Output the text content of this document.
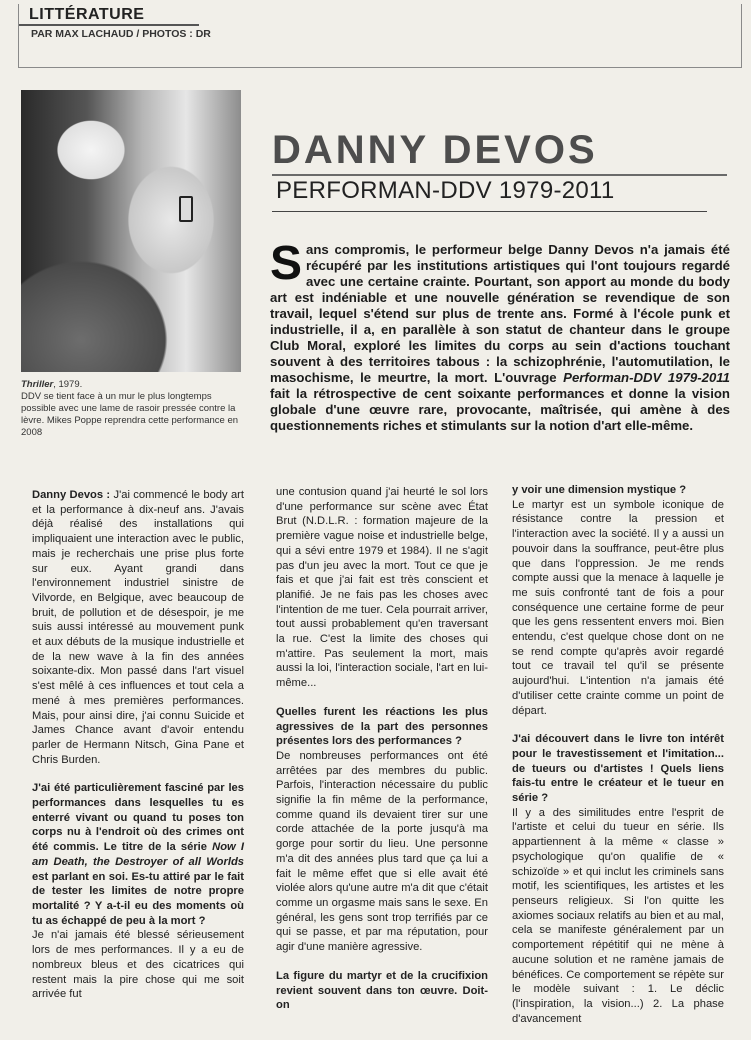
LITTÉRATURE
PAR MAX LACHAUD / PHOTOS : DR
Thriller, 1979.
DDV se tient face à un mur le plus longtemps possible avec une lame de rasoir pressée contre la lèvre. Mikes Poppe reprendra cette performance en 2008
DANNY DEVOS
PERFORMAN-DDV 1979-2011
Sans compromis, le performeur belge Danny Devos n'a jamais été récupéré par les institutions artistiques qui l'ont toujours regardé avec une certaine crainte. Pourtant, son apport au monde du body art est indéniable et une nouvelle génération se revendique de son travail, lequel s'étend sur plus de trente ans. Formé à l'école punk et industrielle, il a, en parallèle à son statut de chanteur dans le groupe Club Moral, exploré les limites du corps au sein d'actions touchant souvent à des territoires tabous : la schizophrénie, l'automutilation, le masochisme, le meurtre, la mort. L'ouvrage Performan-DDV 1979-2011 fait la rétrospective de cent soixante performances et donne la vision globale d'une œuvre rare, provocante, maîtrisée, qui amène à des questionnements riches et stimulants sur la notion d'art elle-même.

Danny Devos : J'ai commencé le body art et la performance à dix-neuf ans. J'avais déjà réalisé des installations qui impliquaient une interaction avec le public, mais je recherchais une prise plus forte sur eux. Ayant grandi dans l'environnement industriel sinistre de Vilvorde, en Belgique, avec beaucoup de bruit, de pollution et de désespoir, je me suis aussi intéressé au mouvement punk et aux débuts de la musique industrielle et de la new wave à la fin des années soixante-dix. Mon passé dans l'art visuel s'est mêlé à ces influences et tout cela a mené à mes premières performances. Mais, pour ainsi dire, j'ai connu Suicide et James Chance avant d'avoir entendu parler de Hermann Nitsch, Gina Pane et Chris Burden.

J'ai été particulièrement fasciné par les performances dans lesquelles tu es enterré vivant ou quand tu poses ton corps nu à l'endroit où des crimes ont été commis. Le titre de la série Now I am Death, the Destroyer of all Worlds est parlant en soi. Es-tu attiré par le fait de tester les limites de notre propre mortalité ? Y a-t-il eu des moments où tu as échappé de peu à la mort ?

Je n'ai jamais été blessé sérieusement lors de mes performances. Il y a eu de nombreux bleus et des cicatrices qui restent mais la pire chose qui me soit arrivée fut

une contusion quand j'ai heurté le sol lors d'une performance sur scène avec État Brut (N.D.L.R. : formation majeure de la première vague noise et industrielle belge, qui a sévi entre 1979 et 1984). Il ne s'agit pas d'un jeu avec la mort. Tout ce que je fais et que j'ai fait est très conscient et planifié. Je ne fais pas les choses avec l'intention de me tuer. Cela pourrait arriver, tout aussi probablement qu'en traversant la rue. C'est la limite des choses qui m'attire. Pas seulement la mort, mais aussi la loi, l'interaction sociale, l'art en lui-même...

Quelles furent les réactions les plus agressives de la part des personnes présentes lors des performances ?

De nombreuses performances ont été arrêtées par des membres du public. Parfois, l'interaction nécessaire du public signifie la fin même de la performance, comme quand ils devaient tirer sur une corde attachée de la porte jusqu'à ma gorge pour sortir du lieu. Une personne m'a dit des années plus tard que ça lui a fait le même effet que si elle avait été violée alors qu'une autre m'a dit que c'était comme un orgasme mais sans le sexe. En général, les gens sont trop terrifiés par ce qui se passe, et par ma réputation, pour agir d'une manière agressive.

La figure du martyr et de la crucifixion revient souvent dans ton œuvre. Doit-on

y voir une dimension mystique ?

Le martyr est un symbole iconique de résistance contre la pression et l'interaction avec la société. Il y a aussi un pouvoir dans la souffrance, peut-être plus que dans l'oppression. Je me rends compte aussi que la menace à laquelle je me suis confronté tant de fois a pour conséquence une certaine forme de peur que les gens ressentent envers moi. Bien entendu, c'est quelque chose dont on ne se rend compte qu'après avoir regardé tout ce travail tel qu'il se présente aujourd'hui. L'intention n'a jamais été d'utiliser cette crainte comme un point de départ.

J'ai découvert dans le livre ton intérêt pour le travestissement et l'imitation... de tueurs ou d'artistes ! Quels liens fais-tu entre le créateur et le tueur en série ?

Il y a des similitudes entre l'esprit de l'artiste et celui du tueur en série. Ils appartiennent à la même « classe » psychologique qu'on qualifie de « schizoïde » et qui inclut les criminels sans motif, les scientifiques, les artistes et les penseurs religieux. Si l'on quitte les axiomes sociaux relatifs au bien et au mal, cela se manifeste généralement par un comportement répétitif qui ne mène à aucune solution et ne ramène jamais de bénéfices. Ce comportement se répète sur le modèle suivant : 1. Le déclic (l'inspiration, la vision...) 2. La phase d'avancement
